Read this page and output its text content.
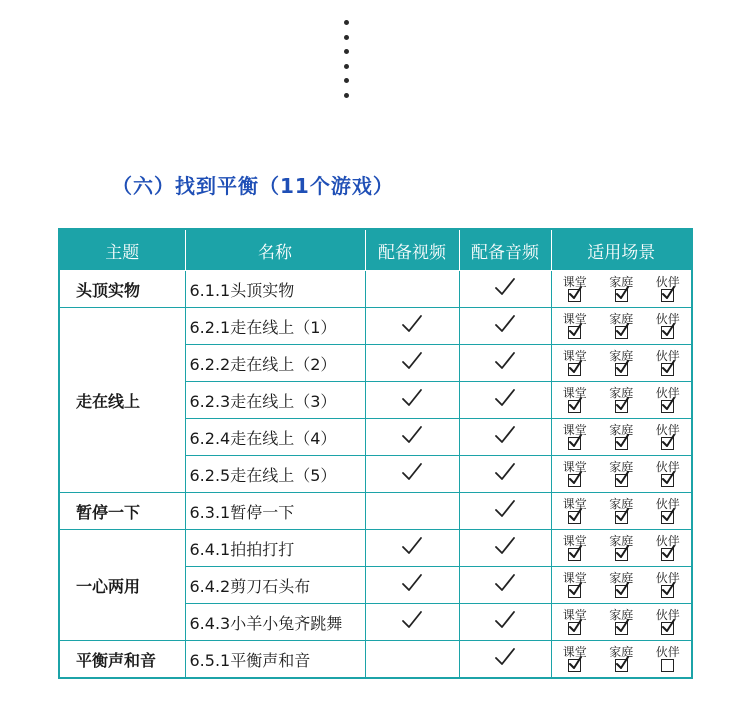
（六）找到平衡（11个游戏）
主题	名称	配备视频	配备音频	适用场景
头顶实物	6.1.1头顶实物			课堂 家庭 伙伴

走在线上	6.2.1走在线上（1）			课堂 家庭 伙伴

	6.2.2走在线上（2）			课堂 家庭 伙伴

	6.2.3走在线上（3）			课堂 家庭 伙伴

	6.2.4走在线上（4）			课堂 家庭 伙伴

	6.2.5走在线上（5）			课堂 家庭 伙伴

暂停一下	6.3.1暂停一下			课堂 家庭 伙伴

一心两用	6.4.1拍拍打打			课堂 家庭 伙伴

	6.4.2剪刀石头布			课堂 家庭 伙伴

	6.4.3小羊小兔齐跳舞			课堂 家庭 伙伴

平衡声和音	6.5.1平衡声和音			课堂 家庭 伙伴
